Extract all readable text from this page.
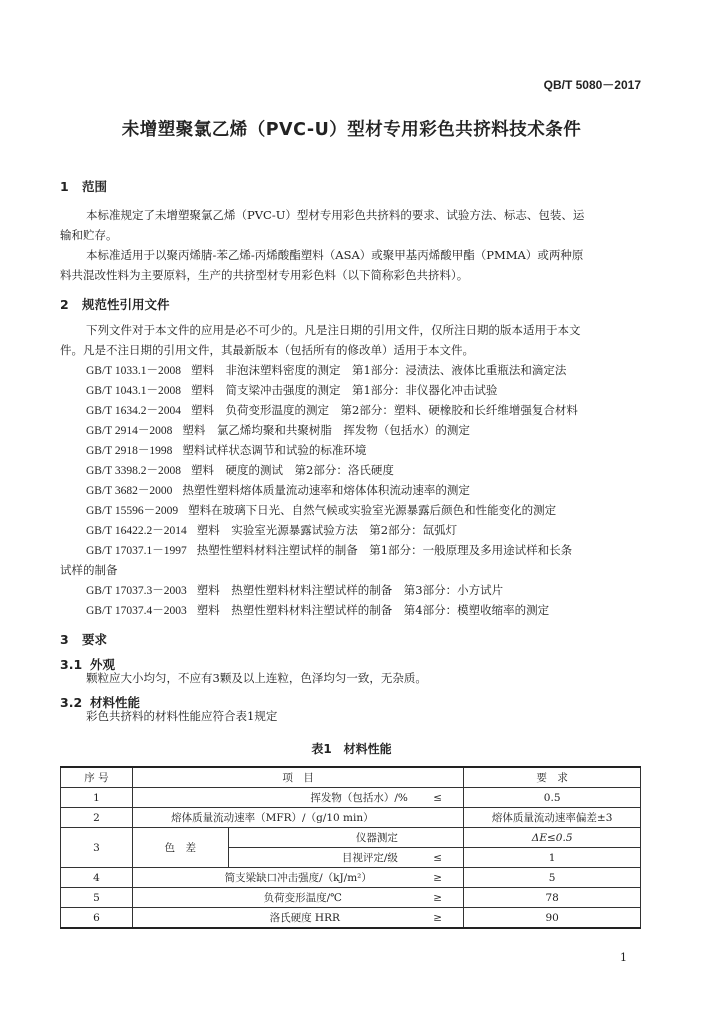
QB/T 5080－2017
未增塑聚氯乙烯（PVC-U）型材专用彩色共挤料技术条件
1 范围
本标准规定了未增塑聚氯乙烯（PVC-U）型材专用彩色共挤料的要求、试验方法、标志、包装、运
输和贮存。
本标准适用于以聚丙烯腈-苯乙烯-丙烯酸酯塑料（ASA）或聚甲基丙烯酸甲酯（PMMA）或两种原
料共混改性料为主要原料，生产的共挤型材专用彩色料（以下简称彩色共挤料）。
2 规范性引用文件
下列文件对于本文件的应用是必不可少的。凡是注日期的引用文件，仅所注日期的版本适用于本文
件。凡是不注日期的引用文件，其最新版本（包括所有的修改单）适用于本文件。
GB/T 1033.1－2008 塑料　非泡沫塑料密度的测定　第1部分：浸渍法、液体比重瓶法和滴定法
GB/T 1043.1－2008 塑料　简支梁冲击强度的测定　第1部分：非仪器化冲击试验
GB/T 1634.2－2004 塑料　负荷变形温度的测定　第2部分：塑料、硬橡胶和长纤维增强复合材料
GB/T 2914－2008 塑料　氯乙烯均聚和共聚树脂　挥发物（包括水）的测定
GB/T 2918－1998 塑料试样状态调节和试验的标准环境
GB/T 3398.2－2008 塑料　硬度的测试　第2部分：洛氏硬度
GB/T 3682－2000 热塑性塑料熔体质量流动速率和熔体体积流动速率的测定
GB/T 15596－2009 塑料在玻璃下日光、自然气候或实验室光源暴露后颜色和性能变化的测定
GB/T 16422.2－2014 塑料　实验室光源暴露试验方法　第2部分：氙弧灯
GB/T 17037.1－1997 热塑性塑料材料注塑试样的制备　第1部分：一般原理及多用途试样和长条
试样的制备
GB/T 17037.3－2003 塑料　热塑性塑料材料注塑试样的制备　第3部分：小方试片
GB/T 17037.4－2003 塑料　热塑性塑料材料注塑试样的制备　第4部分：模塑收缩率的测定
3 要求
3.1 外观
颗粒应大小均匀，不应有3颗及以上连粒，色泽均匀一致，无杂质。
3.2 材料性能
彩色共挤料的材料性能应符合表1规定
表1　材料性能
序 号	项　目			要　求
1	挥发物（包括水）/%		≤	0.5
2	熔体质量流动速率（MFR）/（g/10 min）			熔体质量流动速率偏差±3
3	色　差	仪器测定		ΔE≤0.5
		目视评定/级	≤	1
4	简支梁缺口冲击强度/（kJ/m²）		≥	5
5	负荷变形温度/℃		≥	78
6	洛氏硬度 HRR		≥	90
1
